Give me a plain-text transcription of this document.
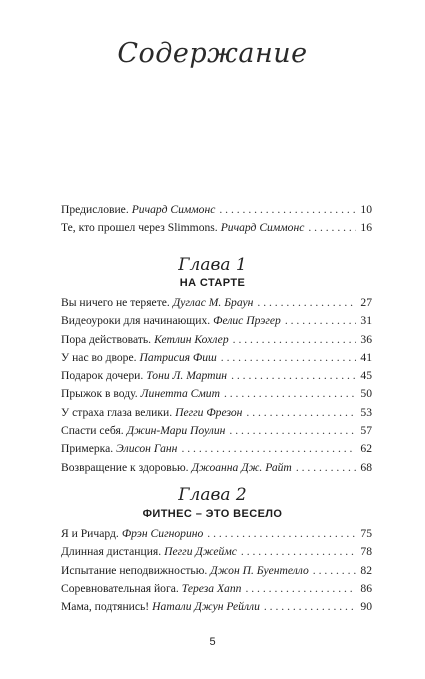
Содержание
Предисловие. Ричард Симмонс . . .	10
Те, кто прошел через Slimmons. Ричард Симмонс . . .	16
Глава 1
НА СТАРТЕ
Вы ничего не теряете. Дуглас М. Браун . . .	27
Видеоуроки для начинающих. Фелис Прэгер . . .	31
Пора действовать. Кетлин Кохлер . . .	36
У нас во дворе. Патрисия Фиш . . .	41
Подарок дочери. Тони Л. Мартин . . .	45
Прыжок в воду. Линетта Смит . . .	50
У страха глаза велики. Пегги Фрезон . . .	53
Спасти себя. Джин-Мари Поулин . . .	57
Примерка. Элисон Ганн . . .	62
Возвращение к здоровью. Джоанна Дж. Райт . . .	68
Глава 2
ФИТНЕС – ЭТО ВЕСЕЛО
Я и Ричард. Фрэн Сигнорино . . .	75
Длинная дистанция. Пегги Джеймс . . .	78
Испытание неподвижностью. Джон П. Буентелло . . .	82
Соревновательная йога. Тереза Хапп . . .	86
Мама, подтянись! Натали Джун Рейлли . . .	90
5
